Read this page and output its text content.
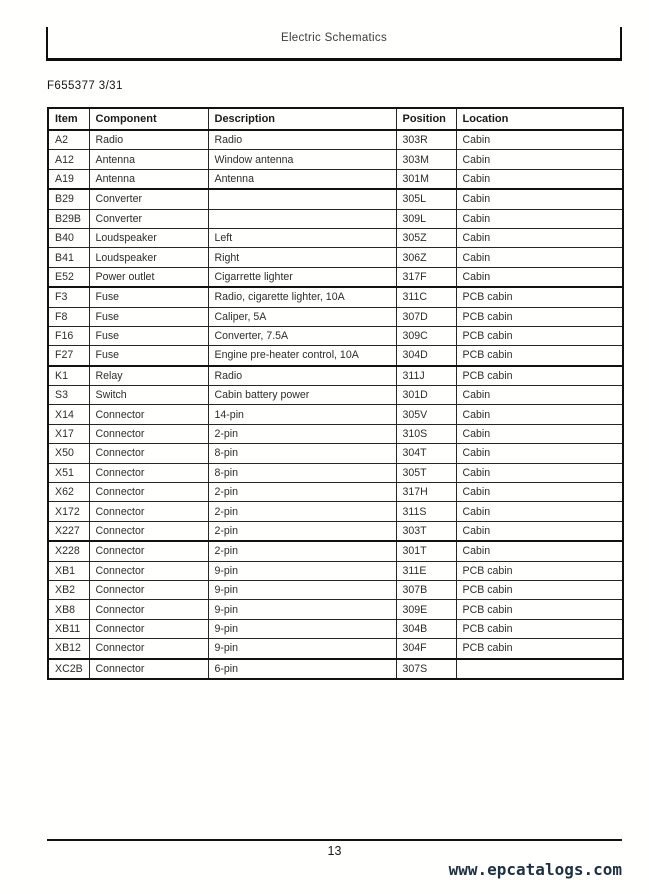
Electric Schematics
F655377 3/31
Item	Component	Description	Position	Location
A2	Radio	Radio	303R	Cabin
A12	Antenna	Window antenna	303M	Cabin
A19	Antenna	Antenna	301M	Cabin
B29	Converter		305L	Cabin
B29B	Converter		309L	Cabin
B40	Loudspeaker	Left	305Z	Cabin
B41	Loudspeaker	Right	306Z	Cabin
E52	Power outlet	Cigarrette lighter	317F	Cabin
F3	Fuse	Radio, cigarette lighter, 10A	311C	PCB cabin
F8	Fuse	Caliper, 5A	307D	PCB cabin
F16	Fuse	Converter, 7.5A	309C	PCB cabin
F27	Fuse	Engine pre-heater control, 10A	304D	PCB cabin
K1	Relay	Radio	311J	PCB cabin
S3	Switch	Cabin battery power	301D	Cabin
X14	Connector	14-pin	305V	Cabin
X17	Connector	2-pin	310S	Cabin
X50	Connector	8-pin	304T	Cabin
X51	Connector	8-pin	305T	Cabin
X62	Connector	2-pin	317H	Cabin
X172	Connector	2-pin	311S	Cabin
X227	Connector	2-pin	303T	Cabin
X228	Connector	2-pin	301T	Cabin
XB1	Connector	9-pin	311E	PCB cabin
XB2	Connector	9-pin	307B	PCB cabin
XB8	Connector	9-pin	309E	PCB cabin
XB11	Connector	9-pin	304B	PCB cabin
XB12	Connector	9-pin	304F	PCB cabin
XC2B	Connector	6-pin	307S	
13
www.epcatalogs.com
